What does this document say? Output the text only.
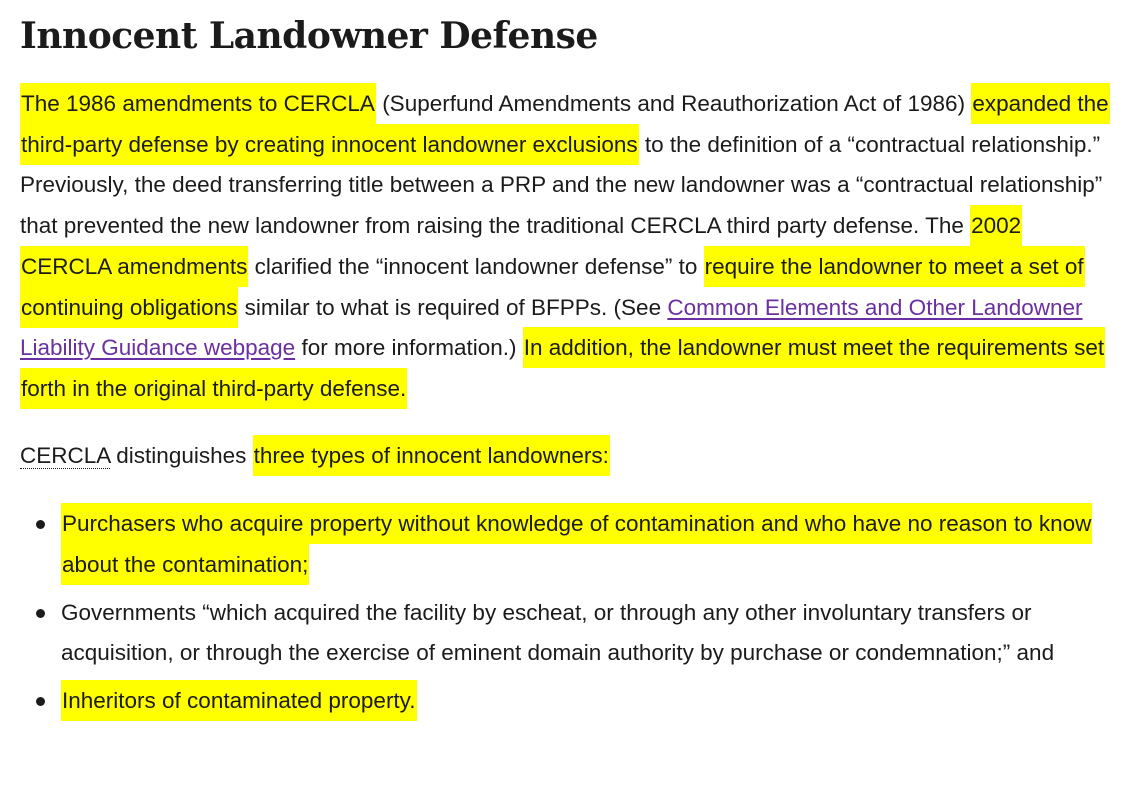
Innocent Landowner Defense

The 1986 amendments to CERCLA (Superfund Amendments and Reauthorization Act of 1986) expanded the third-party defense by creating innocent landowner exclusions to the definition of a “contractual relationship.” Previously, the deed transferring title between a PRP and the new landowner was a “contractual relationship” that prevented the new landowner from raising the traditional CERCLA third party defense. The 2002 CERCLA amendments clarified the “innocent landowner defense” to require the landowner to meet a set of continuing obligations similar to what is required of BFPPs. (See Common Elements and Other Landowner Liability Guidance webpage for more information.) In addition, the landowner must meet the requirements set forth in the original third-party defense.

CERCLA distinguishes three types of innocent landowners:

Purchasers who acquire property without knowledge of contamination and who have no reason to know about the contamination;
Governments “which acquired the facility by escheat, or through any other involuntary transfers or acquisition, or through the exercise of eminent domain authority by purchase or condemnation;” and
Inheritors of contaminated property.
